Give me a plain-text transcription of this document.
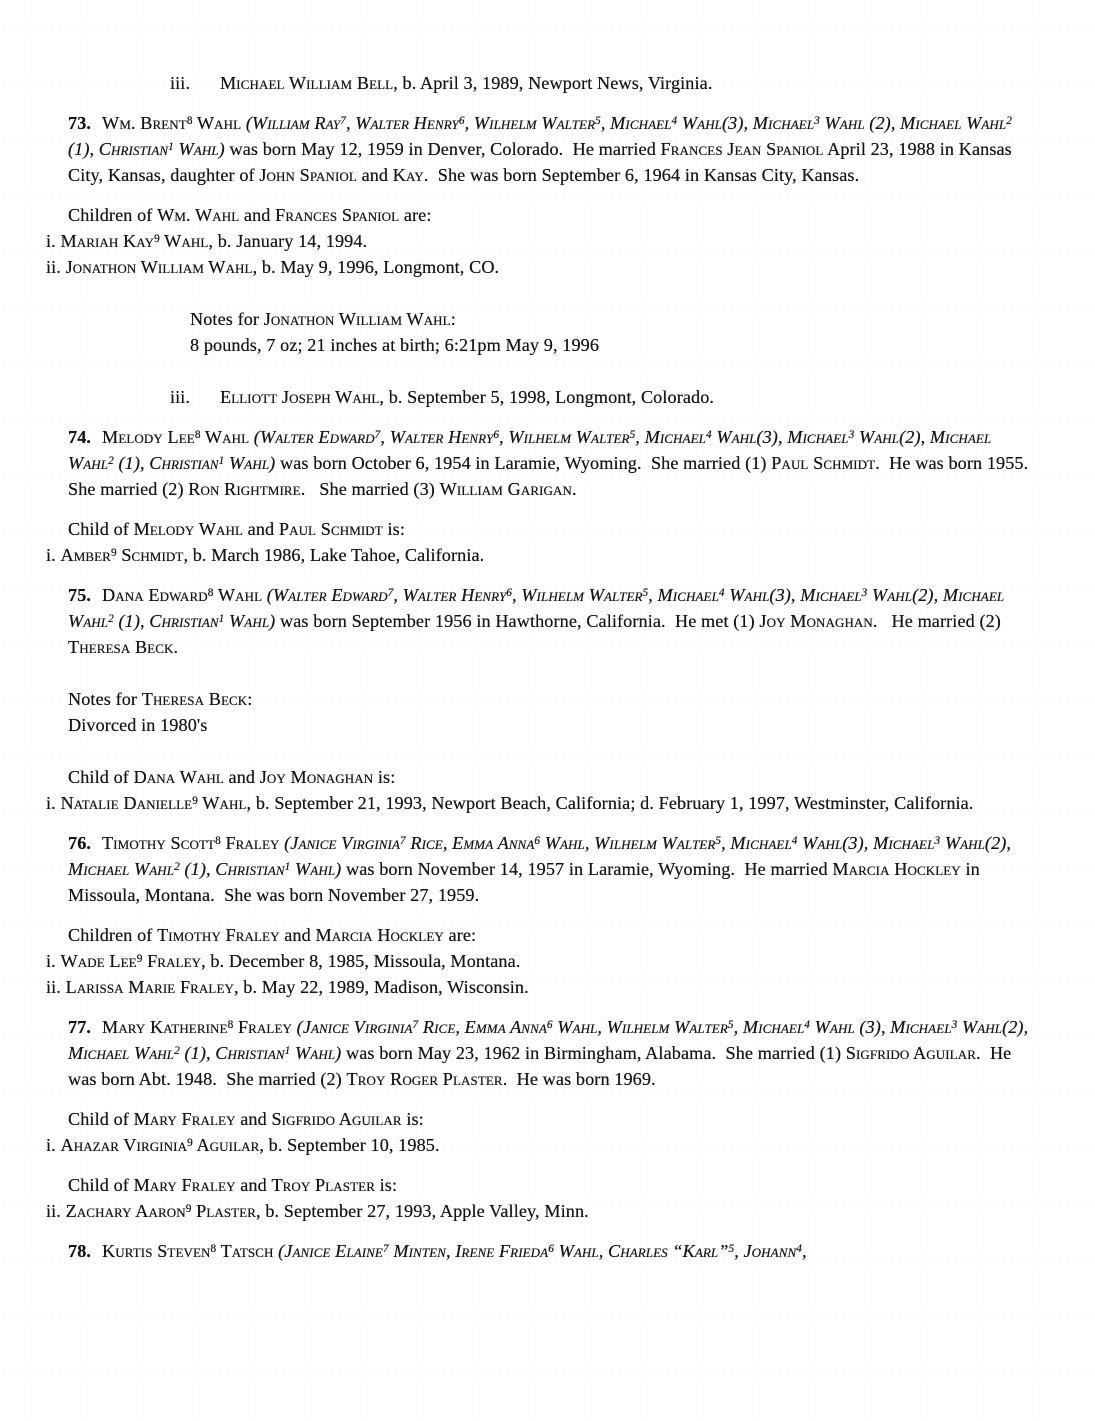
iii. Michael William Bell, b. April 3, 1989, Newport News, Virginia.

73. Wm. Brent$^8$ Wahl (William Ray$^7$, Walter Henry$^6$, Wilhelm Walter$^5$, Michael$^4$ Wahl(3), Michael$^3$ Wahl (2), Michael Wahl$^2$ (1), Christian$^1$ Wahl) was born May 12, 1959 in Denver, Colorado.  He married Frances Jean Spaniol April 23, 1988 in Kansas City, Kansas, daughter of John Spaniol and Kay.  She was born September 6, 1964 in Kansas City, Kansas.

Children of Wm. Wahl and Frances Spaniol are:

i. Mariah Kay$^9$ Wahl, b. January 14, 1994.

ii. Jonathon William Wahl, b. May 9, 1996, Longmont, CO.

Notes for Jonathon William Wahl:

8 pounds, 7 oz; 21 inches at birth; 6:21pm May 9, 1996

iii. Elliott Joseph Wahl, b. September 5, 1998, Longmont, Colorado.

74. Melody Lee$^8$ Wahl (Walter Edward$^7$, Walter Henry$^6$, Wilhelm Walter$^5$, Michael$^4$ Wahl(3), Michael$^3$ Wahl(2), Michael Wahl$^2$ (1), Christian$^1$ Wahl) was born October 6, 1954 in Laramie, Wyoming.  She married (1) Paul Schmidt.  He was born 1955.  She married (2) Ron Rightmire.   She married (3) William Garigan.

Child of Melody Wahl and Paul Schmidt is:

i. Amber$^9$ Schmidt, b. March 1986, Lake Tahoe, California.

75. Dana Edward$^8$ Wahl (Walter Edward$^7$, Walter Henry$^6$, Wilhelm Walter$^5$, Michael$^4$ Wahl(3), Michael$^3$ Wahl(2), Michael Wahl$^2$ (1), Christian$^1$ Wahl) was born September 1956 in Hawthorne, California.  He met (1) Joy Monaghan.   He married (2) Theresa Beck.

Notes for Theresa Beck:

Divorced in 1980's

Child of Dana Wahl and Joy Monaghan is:

i. Natalie Danielle$^9$ Wahl, b. September 21, 1993, Newport Beach, California; d. February 1, 1997, Westminster, California.

76. Timothy Scott$^8$ Fraley (Janice Virginia$^7$ Rice, Emma Anna$^6$ Wahl, Wilhelm Walter$^5$, Michael$^4$ Wahl(3), Michael$^3$ Wahl(2), Michael Wahl$^2$ (1), Christian$^1$ Wahl) was born November 14, 1957 in Laramie, Wyoming.  He married Marcia Hockley in Missoula, Montana.  She was born November 27, 1959.

Children of Timothy Fraley and Marcia Hockley are:

i. Wade Lee$^9$ Fraley, b. December 8, 1985, Missoula, Montana.

ii. Larissa Marie Fraley, b. May 22, 1989, Madison, Wisconsin.

77. Mary Katherine$^8$ Fraley (Janice Virginia$^7$ Rice, Emma Anna$^6$ Wahl, Wilhelm Walter$^5$, Michael$^4$ Wahl (3), Michael$^3$ Wahl(2), Michael Wahl$^2$ (1), Christian$^1$ Wahl) was born May 23, 1962 in Birmingham, Alabama.  She married (1) Sigfrido Aguilar.  He was born Abt. 1948.  She married (2) Troy Roger Plaster.  He was born 1969.

Child of Mary Fraley and Sigfrido Aguilar is:

i. Ahazar Virginia$^9$ Aguilar, b. September 10, 1985.

Child of Mary Fraley and Troy Plaster is:

ii. Zachary Aaron$^9$ Plaster, b. September 27, 1993, Apple Valley, Minn.

78. Kurtis Steven$^8$ Tatsch (Janice Elaine$^7$ Minten, Irene Frieda$^6$ Wahl, Charles “Karl”$^5$, Johann$^4$,
